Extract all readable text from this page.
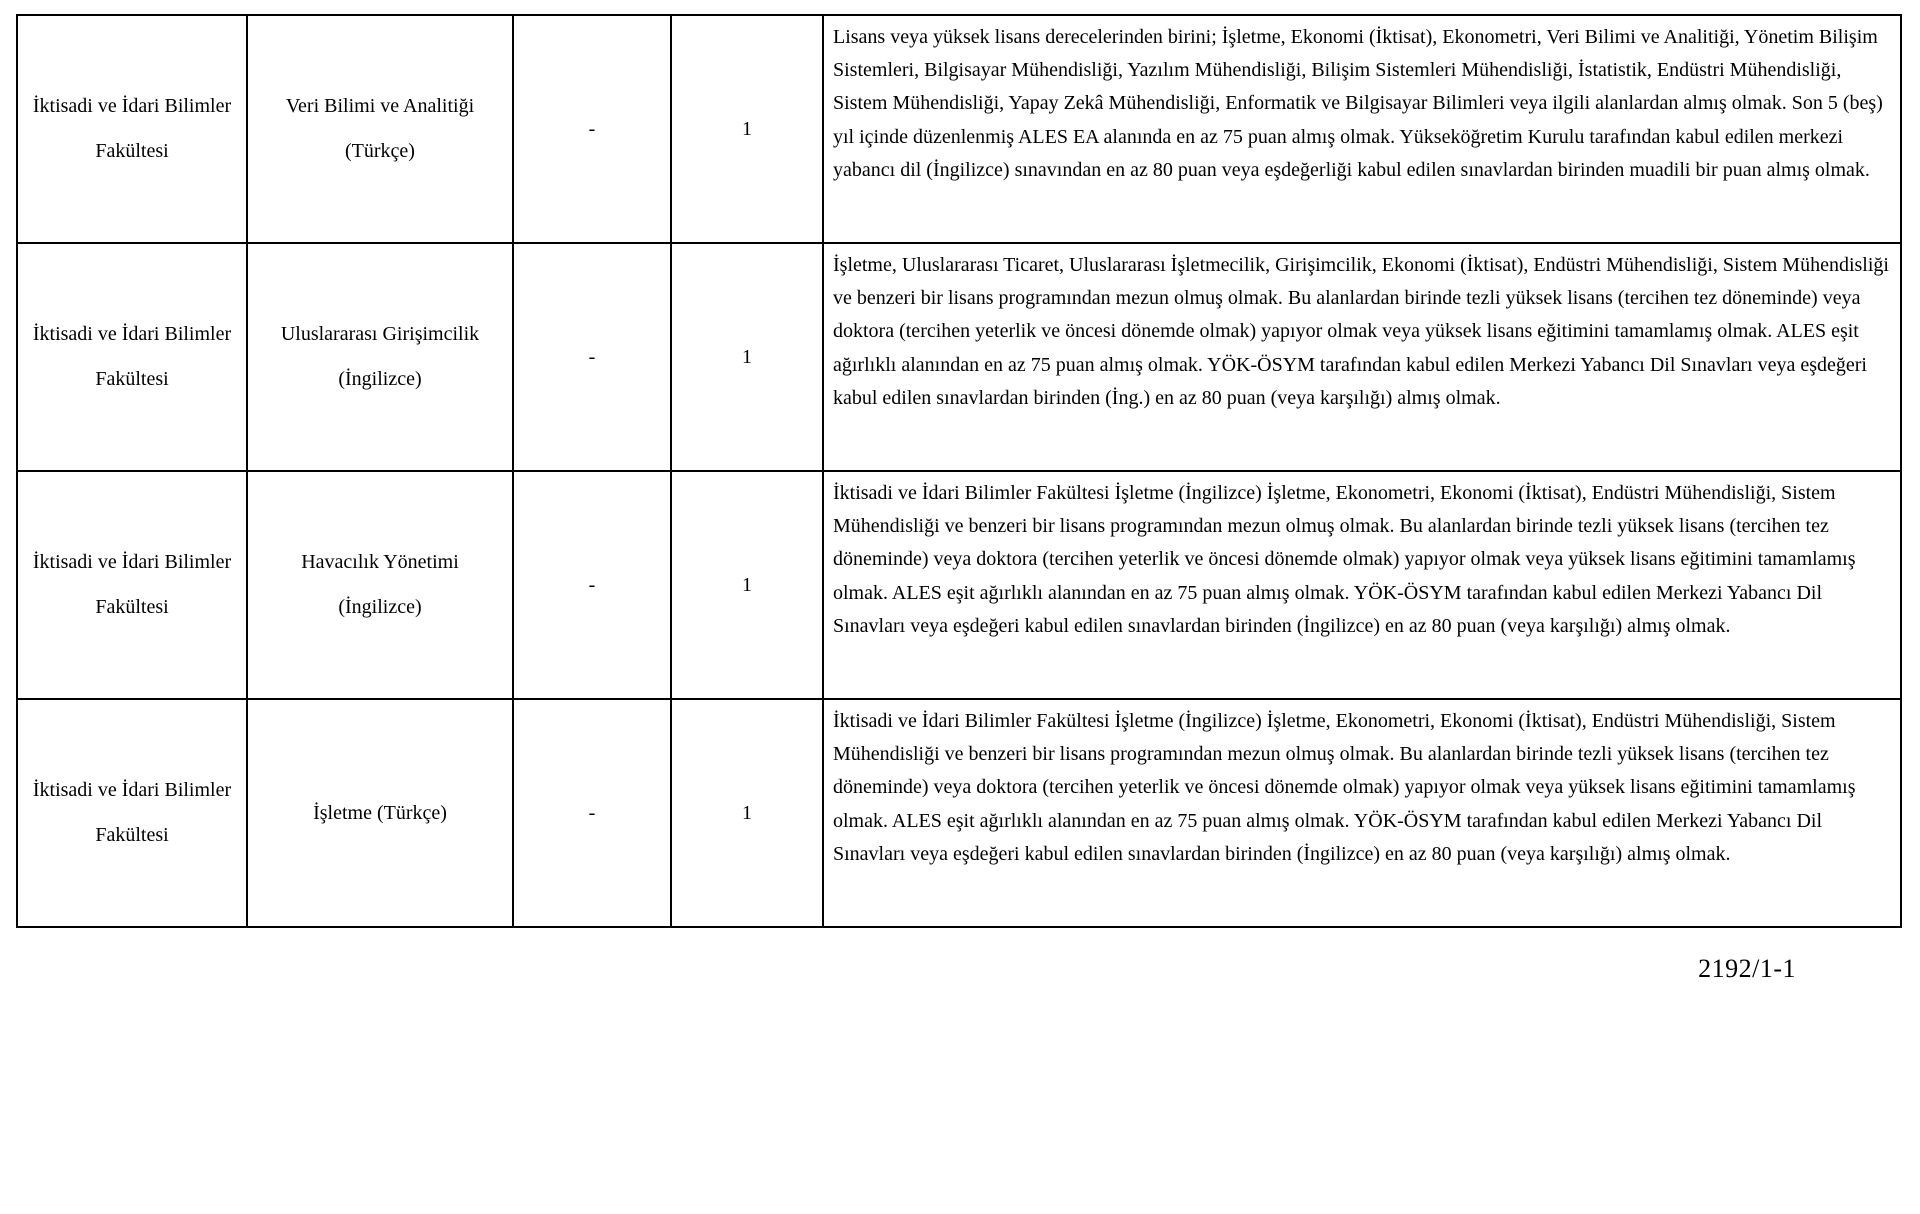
İktisadi ve İdari Bilimler Fakültesi	Veri Bilimi ve Analitiği (Türkçe)	-	1	Lisans veya yüksek lisans derecelerinden birini; İşletme, Ekonomi (İktisat), Ekonometri, Veri Bilimi ve Analitiği, Yönetim Bilişim Sistemleri, Bilgisayar Mühendisliği, Yazılım Mühendisliği, Bilişim Sistemleri Mühendisliği, İstatistik, Endüstri Mühendisliği, Sistem Mühendisliği, Yapay Zekâ Mühendisliği, Enformatik ve Bilgisayar Bilimleri veya ilgili alanlardan almış olmak. Son 5 (beş) yıl içinde düzenlenmiş ALES EA alanında en az 75 puan almış olmak. Yükseköğretim Kurulu tarafından kabul edilen merkezi yabancı dil (İngilizce) sınavından en az 80 puan veya eşdeğerliği kabul edilen sınavlardan birinden muadili bir puan almış olmak.
İktisadi ve İdari Bilimler Fakültesi	Uluslararası Girişimcilik (İngilizce)	-	1	İşletme, Uluslararası Ticaret, Uluslararası İşletmecilik, Girişimcilik, Ekonomi (İktisat), Endüstri Mühendisliği, Sistem Mühendisliği ve benzeri bir lisans programından mezun olmuş olmak. Bu alanlardan birinde tezli yüksek lisans (tercihen tez döneminde) veya doktora (tercihen yeterlik ve öncesi dönemde olmak) yapıyor olmak veya yüksek lisans eğitimini tamamlamış olmak. ALES eşit ağırlıklı alanından en az 75 puan almış olmak. YÖK-ÖSYM tarafından kabul edilen Merkezi Yabancı Dil Sınavları veya eşdeğeri kabul edilen sınavlardan birinden (İng.) en az 80 puan (veya karşılığı) almış olmak.
İktisadi ve İdari Bilimler Fakültesi	Havacılık Yönetimi (İngilizce)	-	1	İktisadi ve İdari Bilimler Fakültesi İşletme (İngilizce) İşletme, Ekonometri, Ekonomi (İktisat), Endüstri Mühendisliği, Sistem Mühendisliği ve benzeri bir lisans programından mezun olmuş olmak. Bu alanlardan birinde tezli yüksek lisans (tercihen tez döneminde) veya doktora (tercihen yeterlik ve öncesi dönemde olmak) yapıyor olmak veya yüksek lisans eğitimini tamamlamış olmak. ALES eşit ağırlıklı alanından en az 75 puan almış olmak. YÖK-ÖSYM tarafından kabul edilen Merkezi Yabancı Dil Sınavları veya eşdeğeri kabul edilen sınavlardan birinden (İngilizce) en az 80 puan (veya karşılığı) almış olmak.
İktisadi ve İdari Bilimler Fakültesi	İşletme (Türkçe)	-	1	İktisadi ve İdari Bilimler Fakültesi İşletme (İngilizce) İşletme, Ekonometri, Ekonomi (İktisat), Endüstri Mühendisliği, Sistem Mühendisliği ve benzeri bir lisans programından mezun olmuş olmak. Bu alanlardan birinde tezli yüksek lisans (tercihen tez döneminde) veya doktora (tercihen yeterlik ve öncesi dönemde olmak) yapıyor olmak veya yüksek lisans eğitimini tamamlamış olmak. ALES eşit ağırlıklı alanından en az 75 puan almış olmak. YÖK-ÖSYM tarafından kabul edilen Merkezi Yabancı Dil Sınavları veya eşdeğeri kabul edilen sınavlardan birinden (İngilizce) en az 80 puan (veya karşılığı) almış olmak.
2192/1-1
